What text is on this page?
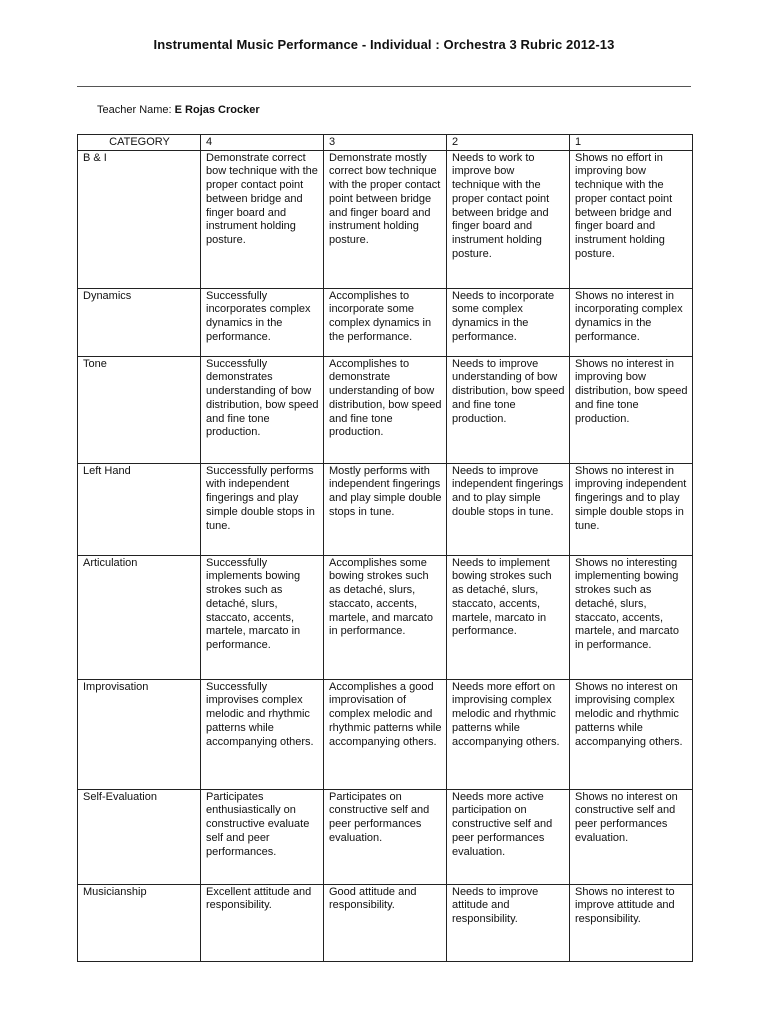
Instrumental Music Performance - Individual : Orchestra 3 Rubric 2012-13
Teacher Name: E Rojas Crocker
CATEGORY	4	3	2	1
B & I	Demonstrate correct bow technique with the proper contact point between bridge and finger board and instrument holding posture.	Demonstrate mostly correct bow technique with the proper contact point between bridge and finger board and instrument holding posture.	Needs to work to improve bow technique with the proper contact point between bridge and finger board and instrument holding posture.	Shows no effort in improving bow technique with the proper contact point between bridge and finger board and instrument holding posture.
Dynamics	Successfully incorporates complex dynamics in the performance.	Accomplishes to incorporate some complex dynamics in the performance.	Needs to incorporate some complex dynamics in the performance.	Shows no interest in incorporating complex dynamics in the performance.
Tone	Successfully demonstrates understanding of bow distribution, bow speed and fine tone production.	Accomplishes to demonstrate understanding of bow distribution, bow speed and fine tone production.	Needs to improve understanding of bow distribution, bow speed and fine tone production.	Shows no interest in improving bow distribution, bow speed and fine tone production.
Left Hand	Successfully performs with independent fingerings and play simple double stops in tune.	Mostly performs with independent fingerings and play simple double stops in tune.	Needs to improve independent fingerings and to play simple double stops in tune.	Shows no interest in improving independent fingerings and to play simple double stops in tune.
Articulation	Successfully implements bowing strokes such as detaché, slurs, staccato, accents, martele, marcato in performance.	Accomplishes some bowing strokes such as detaché, slurs, staccato, accents, martele, and marcato in performance.	Needs to implement bowing strokes such as detaché, slurs, staccato, accents, martele, marcato in performance.	Shows no interesting implementing bowing strokes such as detaché, slurs, staccato, accents, martele, and marcato in performance.
Improvisation	Successfully improvises complex melodic and rhythmic patterns while accompanying others.	Accomplishes a good improvisation of complex melodic and rhythmic patterns while accompanying others.	Needs more effort on improvising complex melodic and rhythmic patterns while accompanying others.	Shows no interest on improvising complex melodic and rhythmic patterns while accompanying others.
Self-Evaluation	Participates enthusiastically on constructive evaluate self and peer performances.	Participates on constructive self and peer performances evaluation.	Needs more active participation on constructive self and peer performances evaluation.	Shows no interest on constructive self and peer performances evaluation.
Musicianship	Excellent attitude and responsibility.	Good attitude and responsibility.	Needs to improve attitude and responsibility.	Shows no interest to improve attitude and responsibility.
